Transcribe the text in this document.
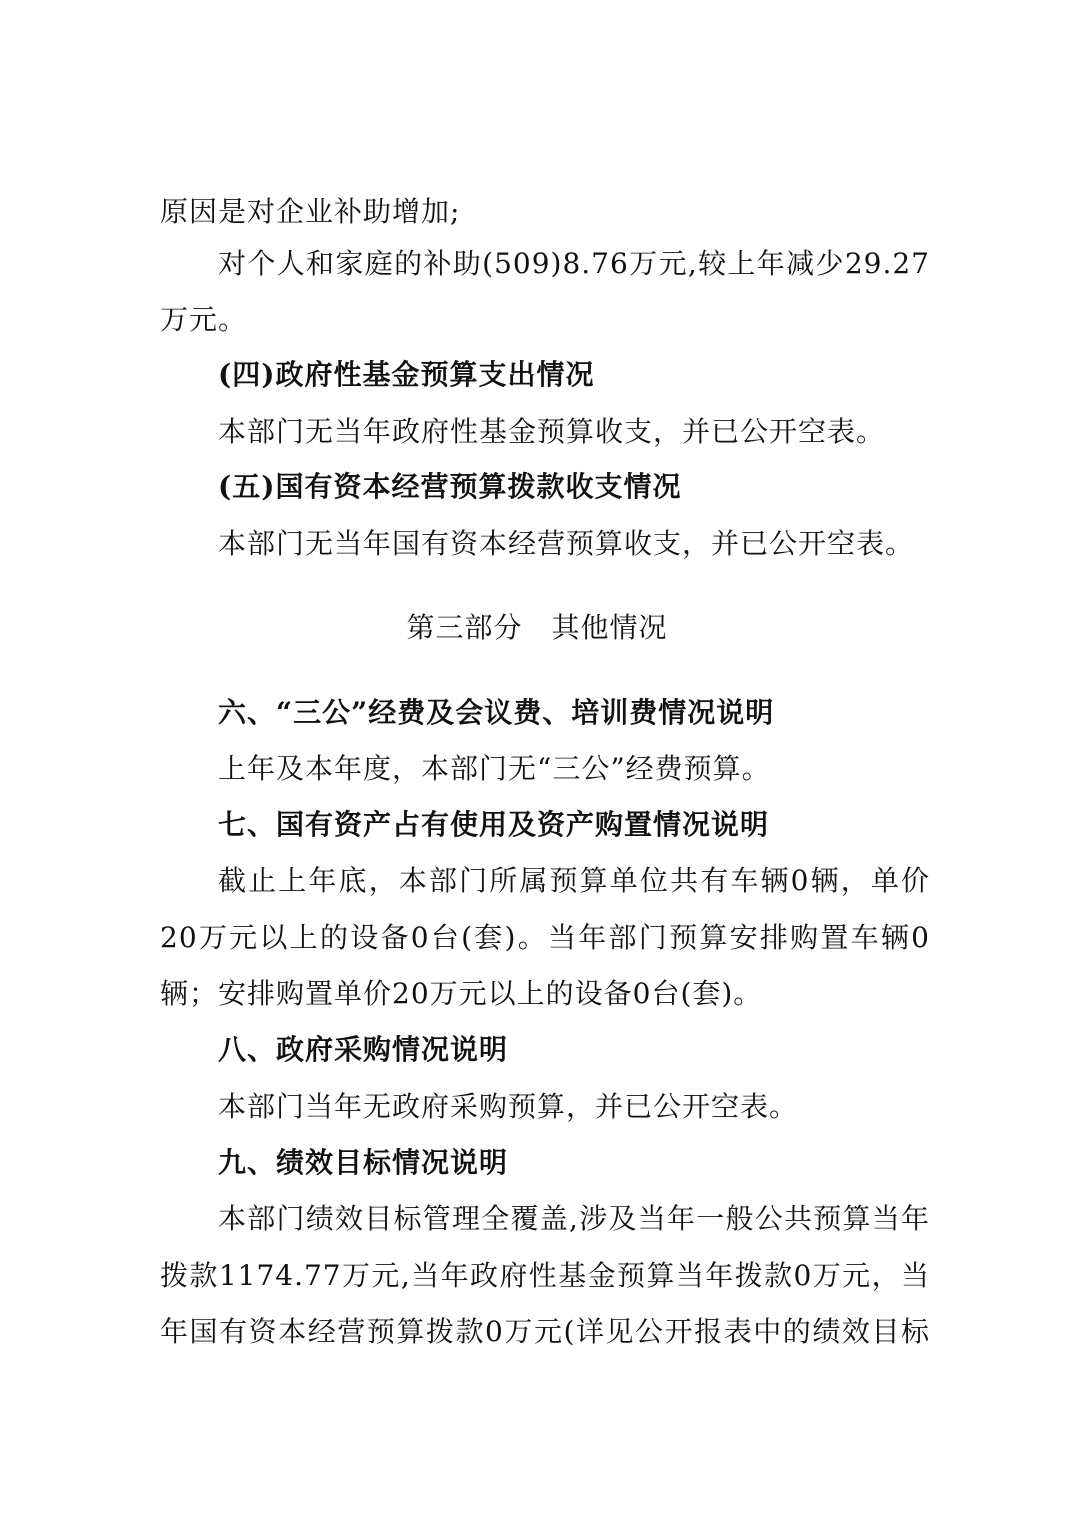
原因是对企业补助增加;
对个人和家庭的补助(509)8.76万元,较上年减少29.27
万元。
(四)政府性基金预算支出情况
本部门无当年政府性基金预算收支，并已公开空表。
(五)国有资本经营预算拨款收支情况
本部门无当年国有资本经营预算收支，并已公开空表。
第三部分　其他情况
六、“三公”经费及会议费、培训费情况说明
上年及本年度，本部门无“三公”经费预算。
七、国有资产占有使用及资产购置情况说明
截止上年底，本部门所属预算单位共有车辆0辆，单价
20万元以上的设备0台(套)。当年部门预算安排购置车辆0
辆；安排购置单价20万元以上的设备0台(套)。
八、政府采购情况说明
本部门当年无政府采购预算，并已公开空表。
九、绩效目标情况说明
本部门绩效目标管理全覆盖,涉及当年一般公共预算当年
拨款1174.77万元,当年政府性基金预算当年拨款0万元，当
年国有资本经营预算拨款0万元(详见公开报表中的绩效目标
